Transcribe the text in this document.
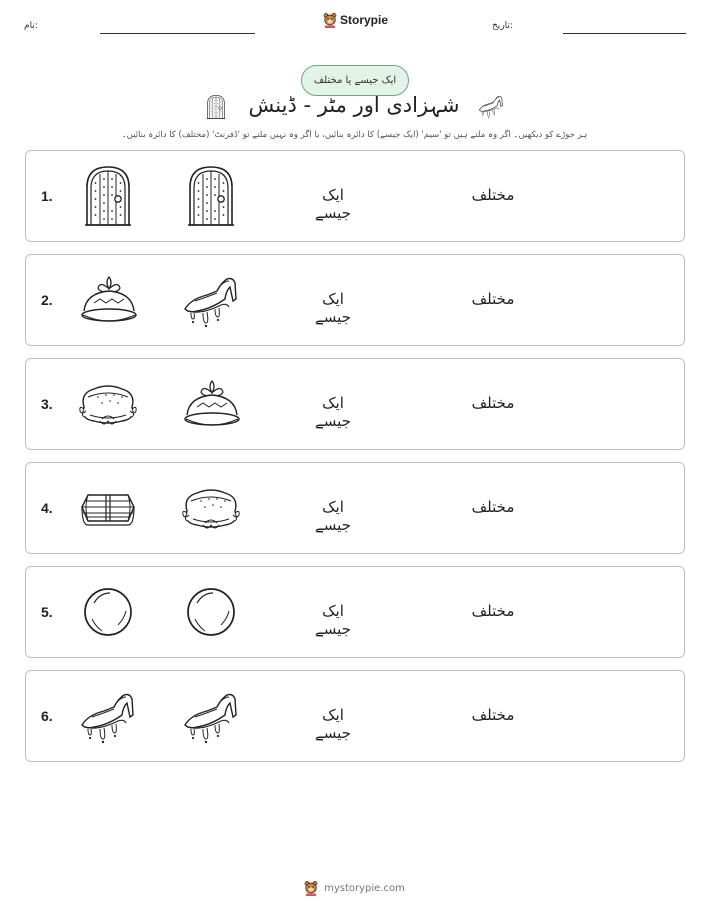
نام:	Storypie	تاریخ:
ایک جیسے یا مختلف
شہزادی اور مٹر - ڈینش
ہر جوڑے کو دیکھیں۔ اگر وہ ملتے ہیں تو 'سیم' (ایک جیسے) کا دائرہ بنائیں، یا اگر وہ نہیں ملتے تو 'ڈفرنٹ' (مختلف) کا دائرہ بنائیں۔
1.	ایک جیسے
مختلف
2.	ایک جیسے
مختلف
3.	ایک جیسے
مختلف
4.	ایک جیسے
مختلف
5.	ایک جیسے
مختلف
6.	ایک جیسے
مختلف
mystorypie.com
